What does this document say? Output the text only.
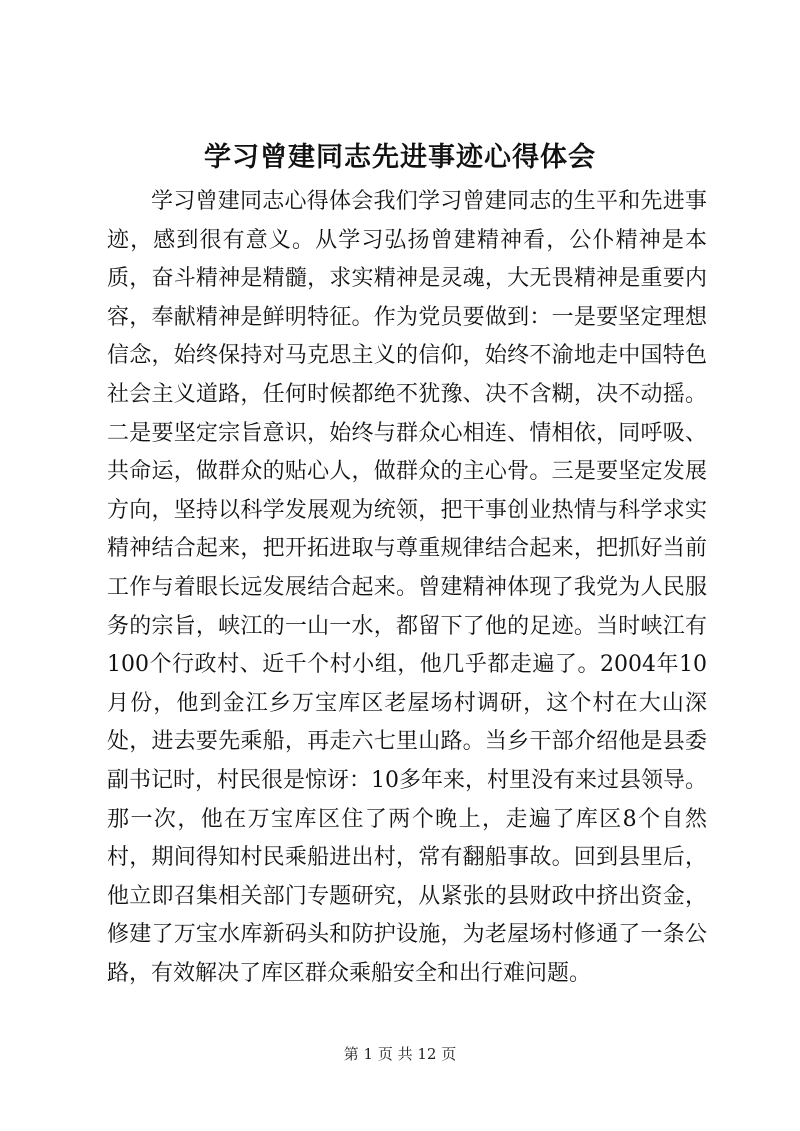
学习曾建同志先进事迹心得体会

学习曾建同志心得体会我们学习曾建同志的生平和先进事迹，感到很有意义。从学习弘扬曾建精神看，公仆精神是本质，奋斗精神是精髓，求实精神是灵魂，大无畏精神是重要内容，奉献精神是鲜明特征。作为党员要做到：一是要坚定理想信念，始终保持对马克思主义的信仰，始终不渝地走中国特色社会主义道路，任何时候都绝不犹豫、决不含糊，决不动摇。二是要坚定宗旨意识，始终与群众心相连、情相依，同呼吸、共命运，做群众的贴心人，做群众的主心骨。三是要坚定发展方向，坚持以科学发展观为统领，把干事创业热情与科学求实精神结合起来，把开拓进取与尊重规律结合起来，把抓好当前工作与着眼长远发展结合起来。曾建精神体现了我党为人民服务的宗旨，峡江的一山一水，都留下了他的足迹。当时峡江有100个行政村、近千个村小组，他几乎都走遍了。2004年10月份，他到金江乡万宝库区老屋场村调研，这个村在大山深处，进去要先乘船，再走六七里山路。当乡干部介绍他是县委副书记时，村民很是惊讶：10多年来，村里没有来过县领导。那一次，他在万宝库区住了两个晚上，走遍了库区8个自然村，期间得知村民乘船进出村，常有翻船事故。回到县里后，他立即召集相关部门专题研究，从紧张的县财政中挤出资金，修建了万宝水库新码头和防护设施，为老屋场村修通了一条公路，有效解决了库区群众乘船安全和出行难问题。

第 1 页 共 12 页
